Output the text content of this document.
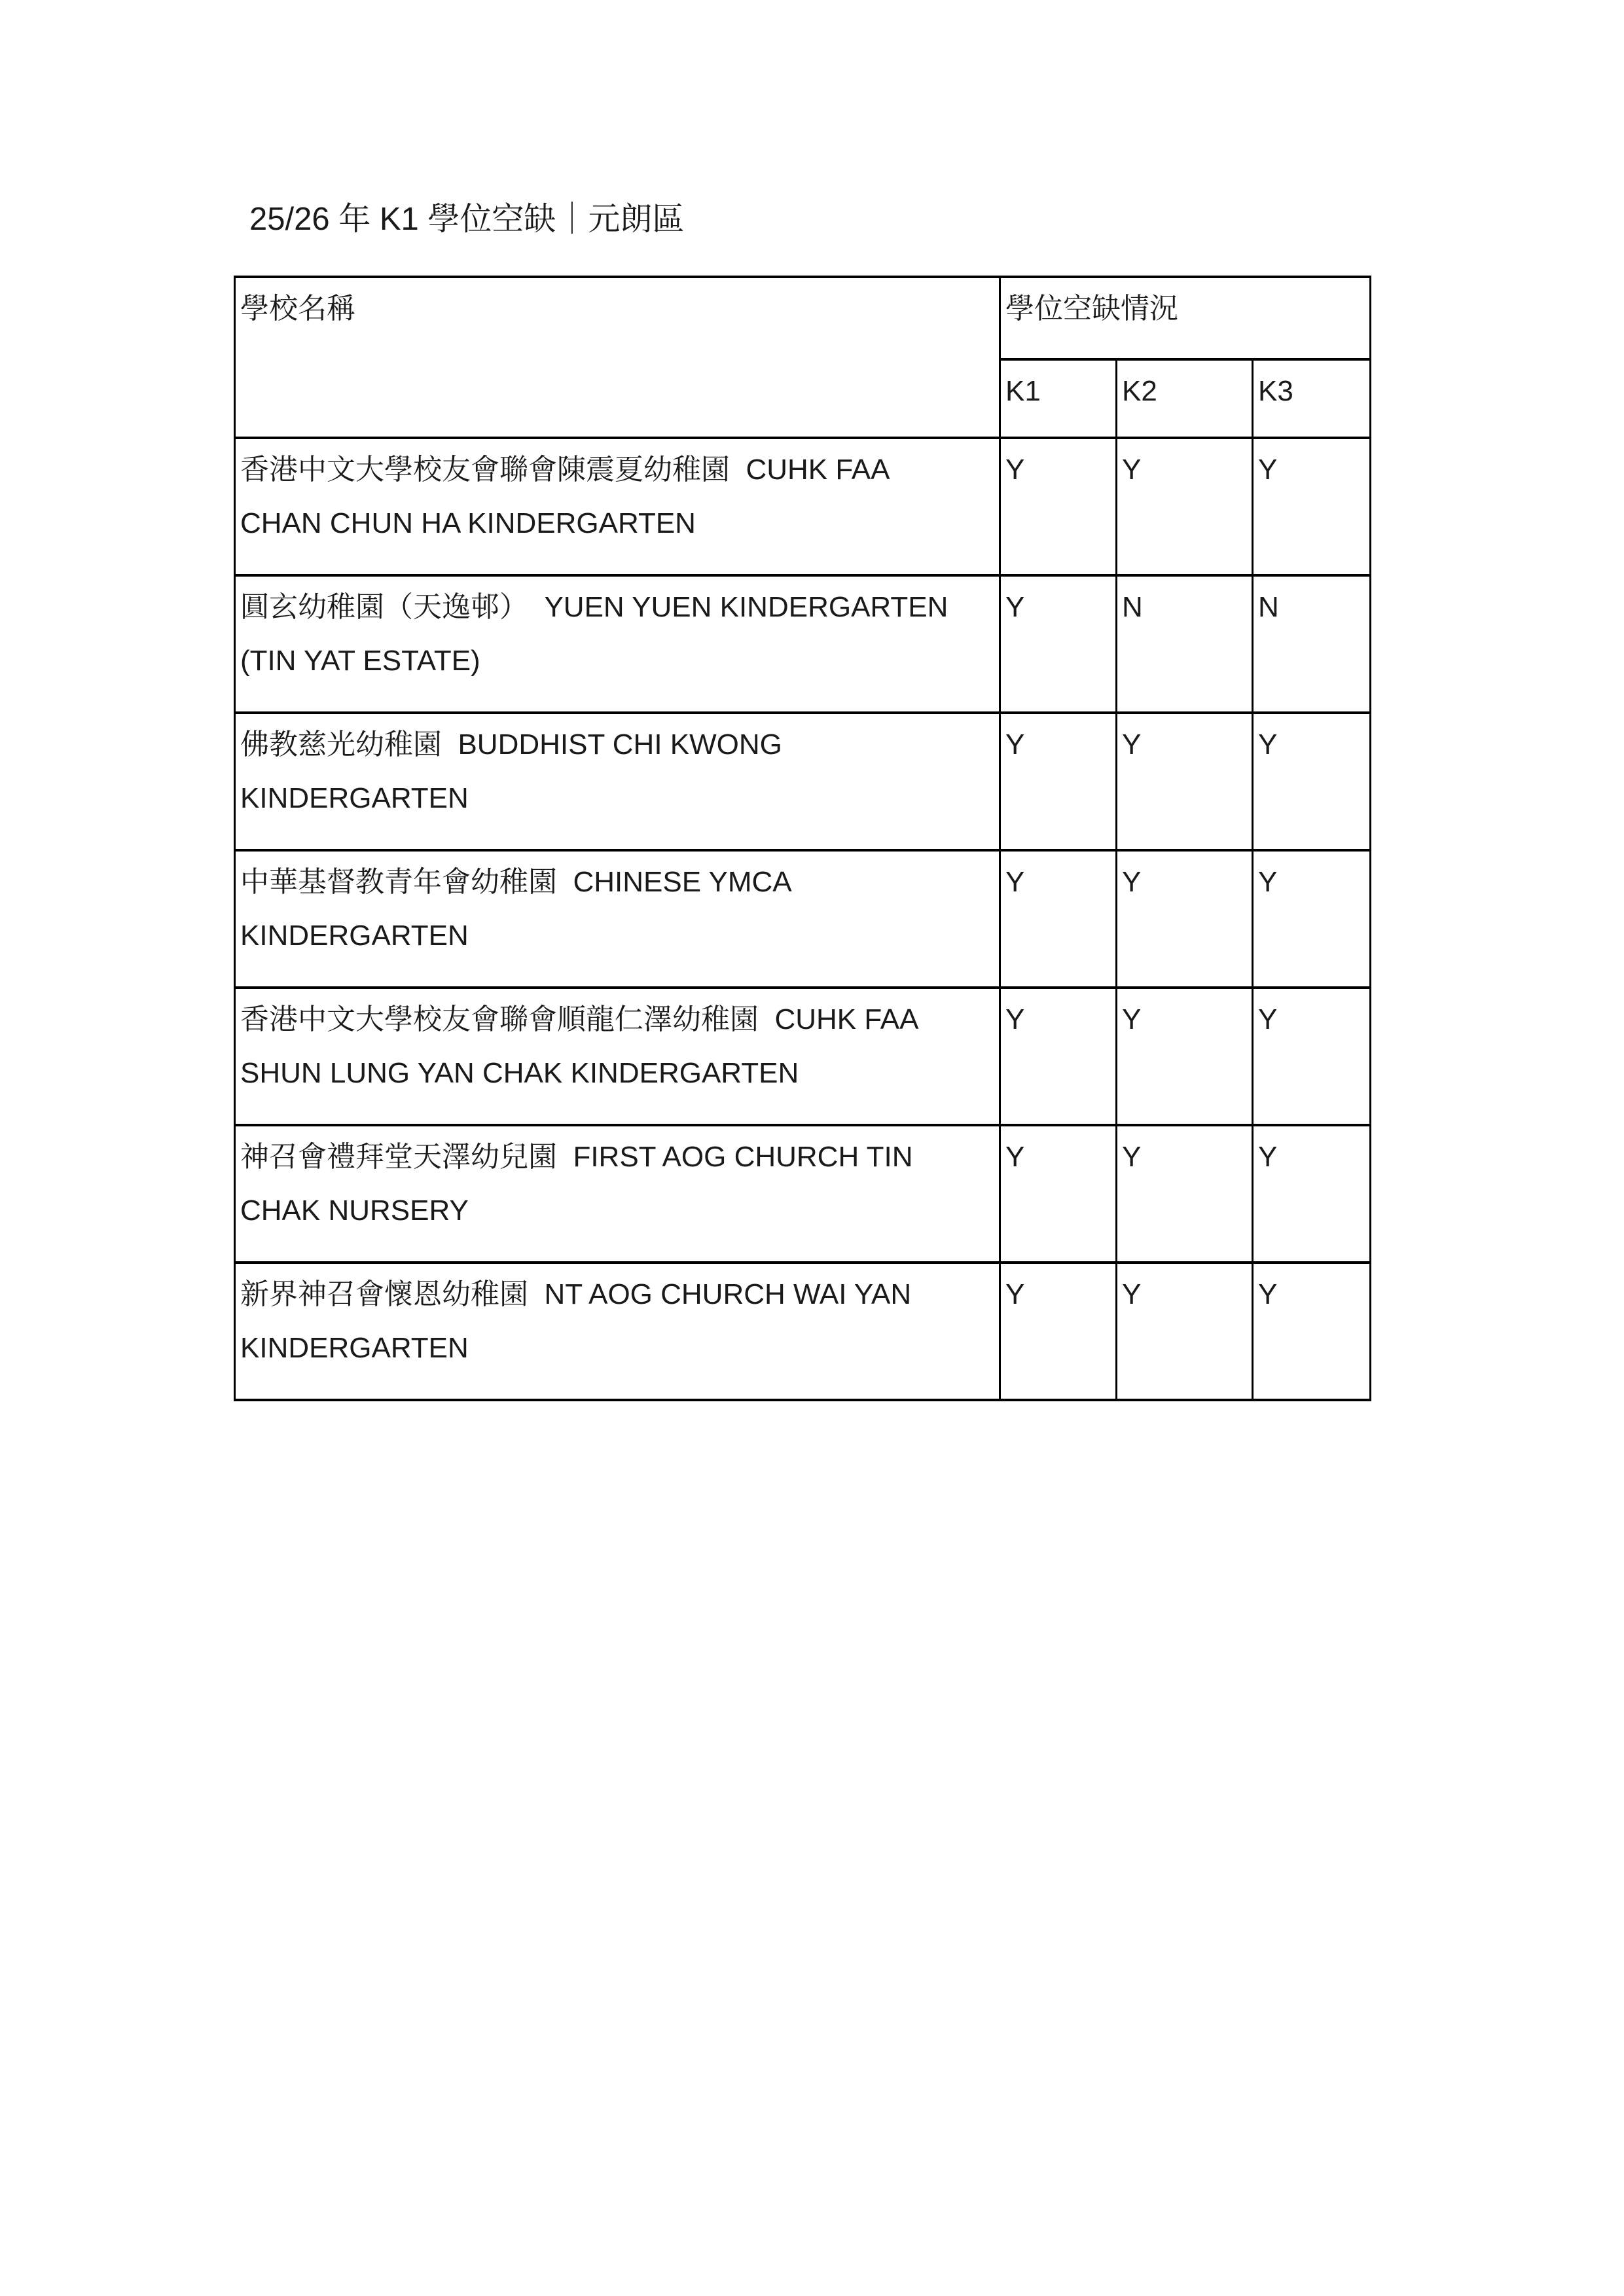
25/26 年 K1 學位空缺｜元朗區
學校名稱	學位空缺情況		
	K1	K2	K3

香港中文大學校友會聯會陳震夏幼稚園  CUHK FAA
CHAN CHUN HA KINDERGARTEN	Y	Y	Y

圓玄幼稚園（天逸邨）  YUEN YUEN KINDERGARTEN
(TIN YAT ESTATE)	Y	N	N

佛教慈光幼稚園  BUDDHIST CHI KWONG
KINDERGARTEN	Y	Y	Y

中華基督教青年會幼稚園  CHINESE YMCA
KINDERGARTEN	Y	Y	Y

香港中文大學校友會聯會順龍仁澤幼稚園  CUHK FAA
SHUN LUNG YAN CHAK KINDERGARTEN	Y	Y	Y

神召會禮拜堂天澤幼兒園  FIRST AOG CHURCH TIN
CHAK NURSERY	Y	Y	Y

新界神召會懷恩幼稚園  NT AOG CHURCH WAI YAN
KINDERGARTEN	Y	Y	Y
